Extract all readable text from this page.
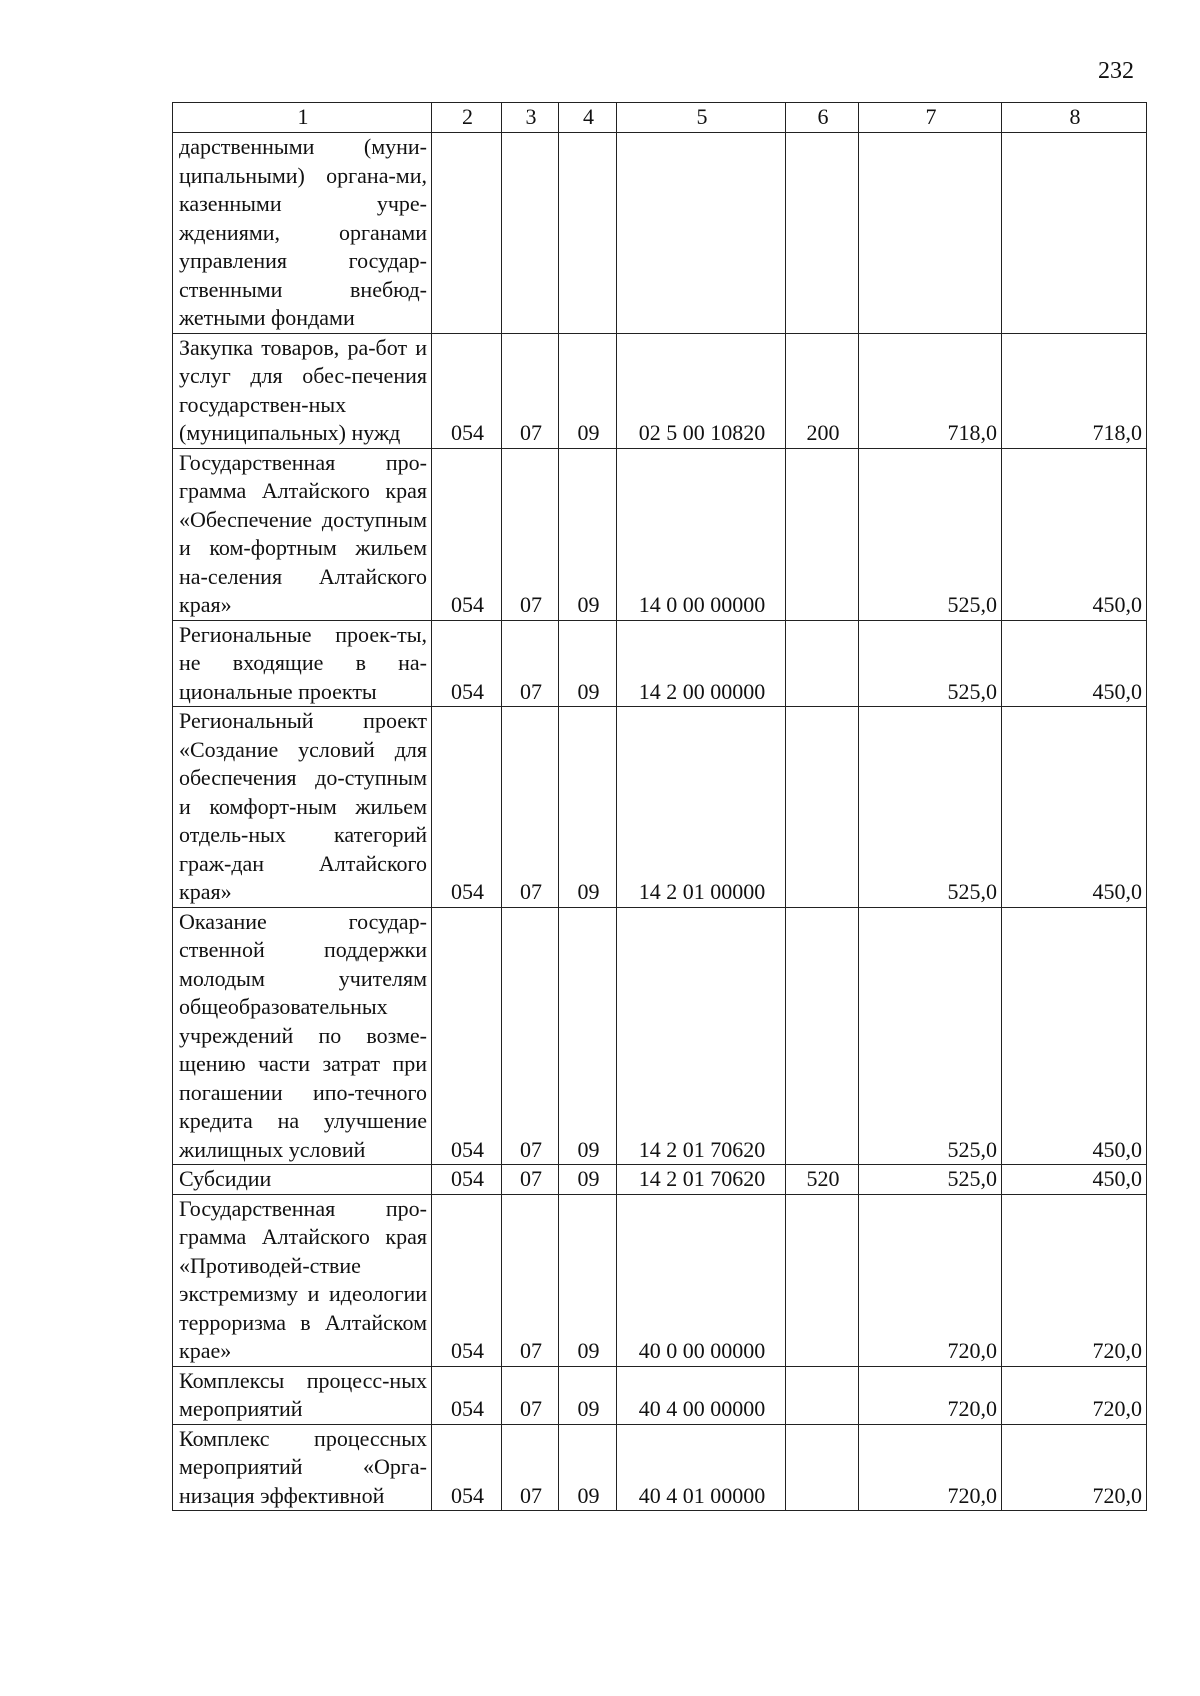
232
1	2	3	4	5	6	7	8
дарственными (муни-ципальными) органа-ми, казенными учре-ждениями, органами управления государ-ственными внебюд-жетными фондами							
Закупка товаров, ра-бот и услуг для обес-печения государствен-ных (муниципальных) нужд	054	07	09	02 5 00 10820	200	718,0	718,0
Государственная про-грамма Алтайского края «Обеспечение доступным и ком-фортным жильем на-селения Алтайского края»	054	07	09	14 0 00 00000		525,0	450,0
Региональные проек-ты, не входящие в на-циональные проекты	054	07	09	14 2 00 00000		525,0	450,0
Региональный проект «Создание условий для обеспечения до-ступным и комфорт-ным жильем отдель-ных категорий граж-дан Алтайского края»	054	07	09	14 2 01 00000		525,0	450,0
Оказание государ-ственной поддержки молодым учителям общеобразовательных учреждений по возме-щению части затрат при погашении ипо-течного кредита на улучшение жилищных условий	054	07	09	14 2 01 70620		525,0	450,0
Субсидии	054	07	09	14 2 01 70620	520	525,0	450,0
Государственная про-грамма Алтайского края «Противодей-ствие экстремизму и идеологии терроризма в Алтайском крае»	054	07	09	40 0 00 00000		720,0	720,0
Комплексы процесс-ных мероприятий	054	07	09	40 4 00 00000		720,0	720,0
Комплекс процессных мероприятий «Орга-низация эффективной	054	07	09	40 4 01 00000		720,0	720,0
